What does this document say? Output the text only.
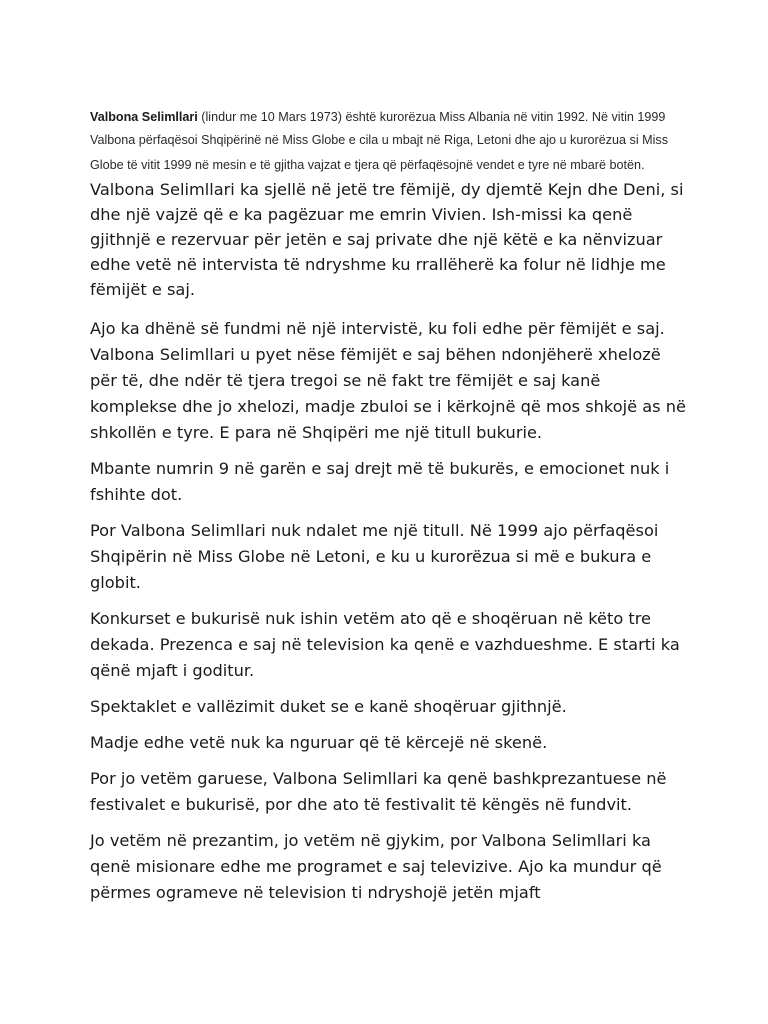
Valbona Selimllari (lindur me 10 Mars 1973) është kurorëzua Miss Albania në vitin 1992. Në vitin 1999 Valbona përfaqësoi Shqipërinë në Miss Globe e cila u mbajt në Riga, Letoni dhe ajo u kurorëzua si Miss Globe të vitit 1999 në mesin e të gjitha vajzat e tjera që përfaqësojnë vendet e tyre në mbarë botën. Valbona Selimllari ka sjellë në jetë tre fëmijë, dy djemtë Kejn dhe Deni, si dhe një vajzë që e ka pagëzuar me emrin Vivien. Ish-missi ka qenë gjithnjë e rezervuar për jetën e saj private dhe një këtë e ka nënvizuar edhe vetë në intervista të ndryshme ku rrallëherë ka folur në lidhje me fëmijët e saj.

Ajo ka dhënë së fundmi në një intervistë, ku foli edhe për fëmijët e saj. Valbona Selimllari u pyet nëse fëmijët e saj bëhen ndonjëherë xhelozë për të, dhe ndër të tjera tregoi se në fakt tre fëmijët e saj kanë komplekse dhe jo xhelozi, madje zbuloi se i kërkojnë që mos shkojë as në shkollën e tyre. E para në Shqipëri me një titull bukurie.

Mbante numrin 9 në garën e saj drejt më të bukurës, e emocionet nuk i fshihte dot.

Por Valbona Selimllari nuk ndalet me një titull. Në 1999 ajo përfaqësoi Shqipërin në Miss Globe në Letoni, e ku u kurorëzua si më e bukura e globit.

Konkurset e bukurisë nuk ishin vetëm ato që e shoqëruan në këto tre dekada. Prezenca e saj në television ka qenë e vazhdueshme. E starti ka qënë mjaft i goditur.

Spektaklet e vallëzimit duket se e kanë shoqëruar gjithnjë.

Madje edhe vetë nuk ka nguruar që të kërcejë në skenë.

Por jo vetëm garuese, Valbona Selimllari ka qenë bashkprezantuese në festivalet e bukurisë, por dhe ato të festivalit të këngës në fundvit.

Jo vetëm në prezantim, jo vetëm në gjykim, por Valbona Selimllari ka qenë misionare edhe me programet e saj televizive. Ajo ka mundur që përmes ogrameve në television ti ndryshojë jetën mjaft
